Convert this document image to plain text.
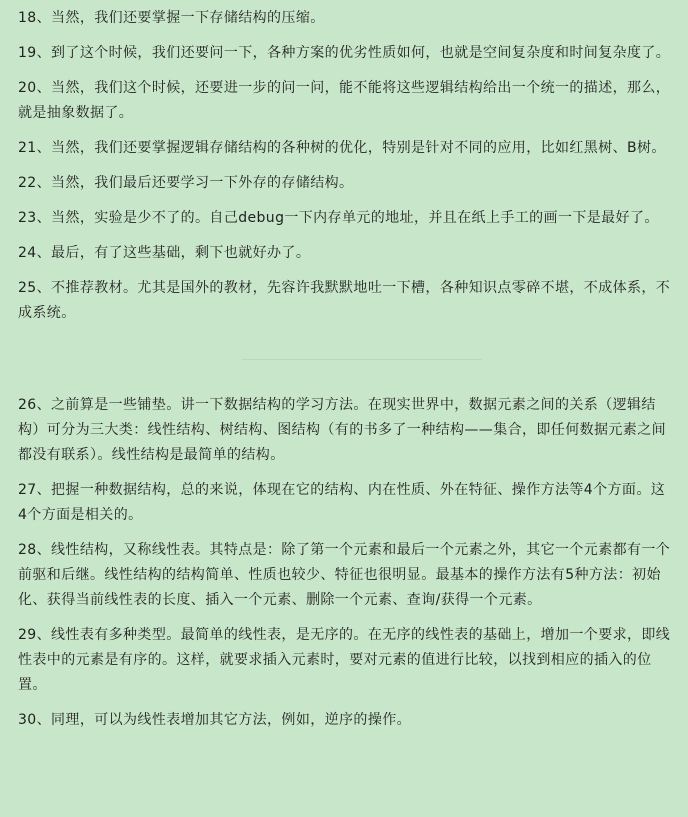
18、当然，我们还要掌握一下存储结构的压缩。

19、到了这个时候，我们还要问一下，各种方案的优劣性质如何，也就是空间复杂度和时间复杂度了。

20、当然，我们这个时候，还要进一步的问一问，能不能将这些逻辑结构给出一个统一的描述，那么，就是抽象数据了。

21、当然，我们还要掌握逻辑存储结构的各种树的优化，特别是针对不同的应用，比如红黑树、B树。

22、当然，我们最后还要学习一下外存的存储结构。

23、当然，实验是少不了的。自己debug一下内存单元的地址，并且在纸上手工的画一下是最好了。

24、最后，有了这些基础，剩下也就好办了。

25、不推荐教材。尤其是国外的教材，先容许我默默地吐一下槽，各种知识点零碎不堪，不成体系，不成系统。

26、之前算是一些铺垫。讲一下数据结构的学习方法。在现实世界中，数据元素之间的关系（逻辑结构）可分为三大类：线性结构、树结构、图结构（有的书多了一种结构——集合，即任何数据元素之间都没有联系）。线性结构是最简单的结构。

27、把握一种数据结构，总的来说，体现在它的结构、内在性质、外在特征、操作方法等4个方面。这4个方面是相关的。

28、线性结构，又称线性表。其特点是：除了第一个元素和最后一个元素之外，其它一个元素都有一个前驱和后继。线性结构的结构简单、性质也较少、特征也很明显。最基本的操作方法有5种方法：初始化、获得当前线性表的长度、插入一个元素、删除一个元素、查询/获得一个元素。

29、线性表有多种类型。最简单的线性表，是无序的。在无序的线性表的基础上，增加一个要求，即线性表中的元素是有序的。这样，就要求插入元素时，要对元素的值进行比较，以找到相应的插入的位置。

30、同理，可以为线性表增加其它方法，例如，逆序的操作。
